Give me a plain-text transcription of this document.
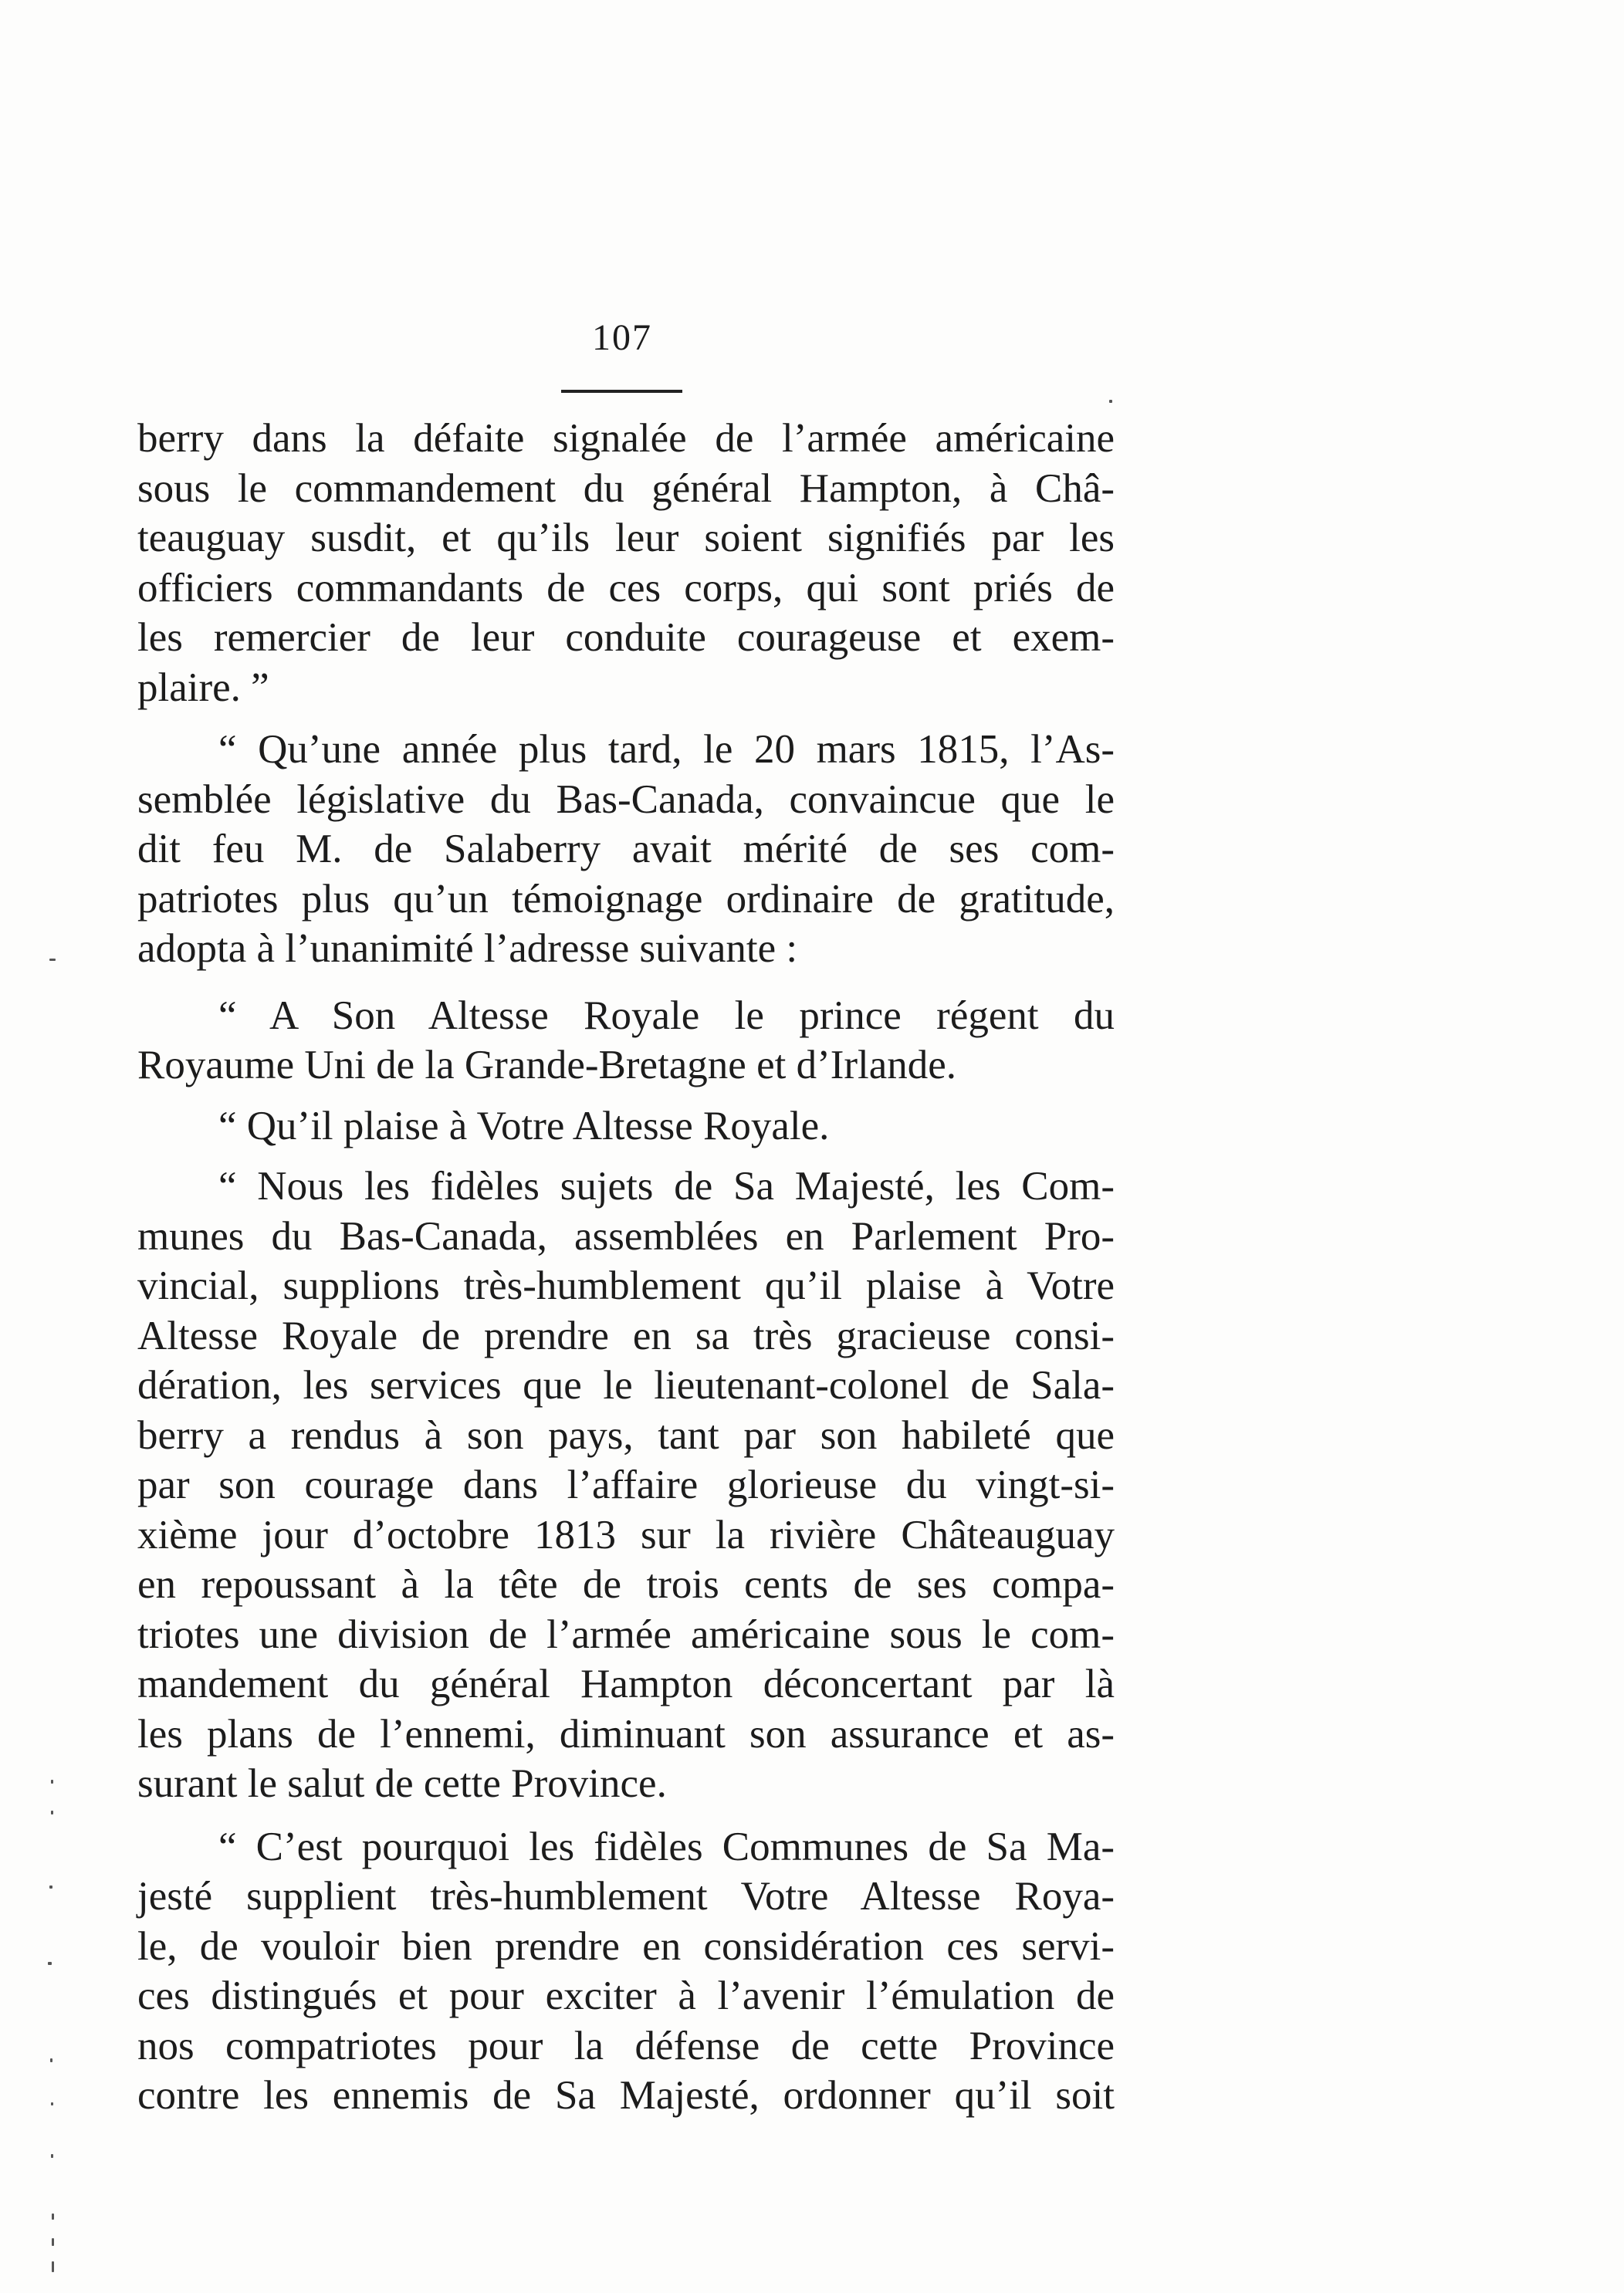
107
berry dans la défaite signalée de l’armée américaine
sous le commandement du général Hampton, à Châ-
teauguay susdit, et qu’ils leur soient signifiés par les
officiers commandants de ces corps, qui sont priés de
les remercier de leur conduite courageuse et exem-
plaire. ”
“ Qu’une année plus tard, le 20 mars 1815, l’As-
semblée législative du Bas-Canada, convaincue que le
dit feu M. de Salaberry avait mérité de ses com-
patriotes plus qu’un témoignage ordinaire de gratitude,
adopta à l’unanimité l’adresse suivante :
“ A Son Altesse Royale le prince régent du
Royaume Uni de la Grande-Bretagne et d’Irlande.
“ Qu’il plaise à Votre Altesse Royale.
“ Nous les fidèles sujets de Sa Majesté, les Com-
munes du Bas-Canada, assemblées en Parlement Pro-
vincial, supplions très-humblement qu’il plaise à Votre
Altesse Royale de prendre en sa très gracieuse consi-
dération, les services que le lieutenant-colonel de Sala-
berry a rendus à son pays, tant par son habileté que
par son courage dans l’affaire glorieuse du vingt-si-
xième jour d’octobre 1813 sur la rivière Châteauguay
en repoussant à la tête de trois cents de ses compa-
triotes une division de l’armée américaine sous le com-
mandement du général Hampton déconcertant par là
les plans de l’ennemi, diminuant son assurance et as-
surant le salut de cette Province.
“ C’est pourquoi les fidèles Communes de Sa Ma-
jesté supplient très-humblement Votre Altesse Roya-
le, de vouloir bien prendre en considération ces servi-
ces distingués et pour exciter à l’avenir l’émulation de
nos compatriotes pour la défense de cette Province
contre les ennemis de Sa Majesté, ordonner qu’il soit
